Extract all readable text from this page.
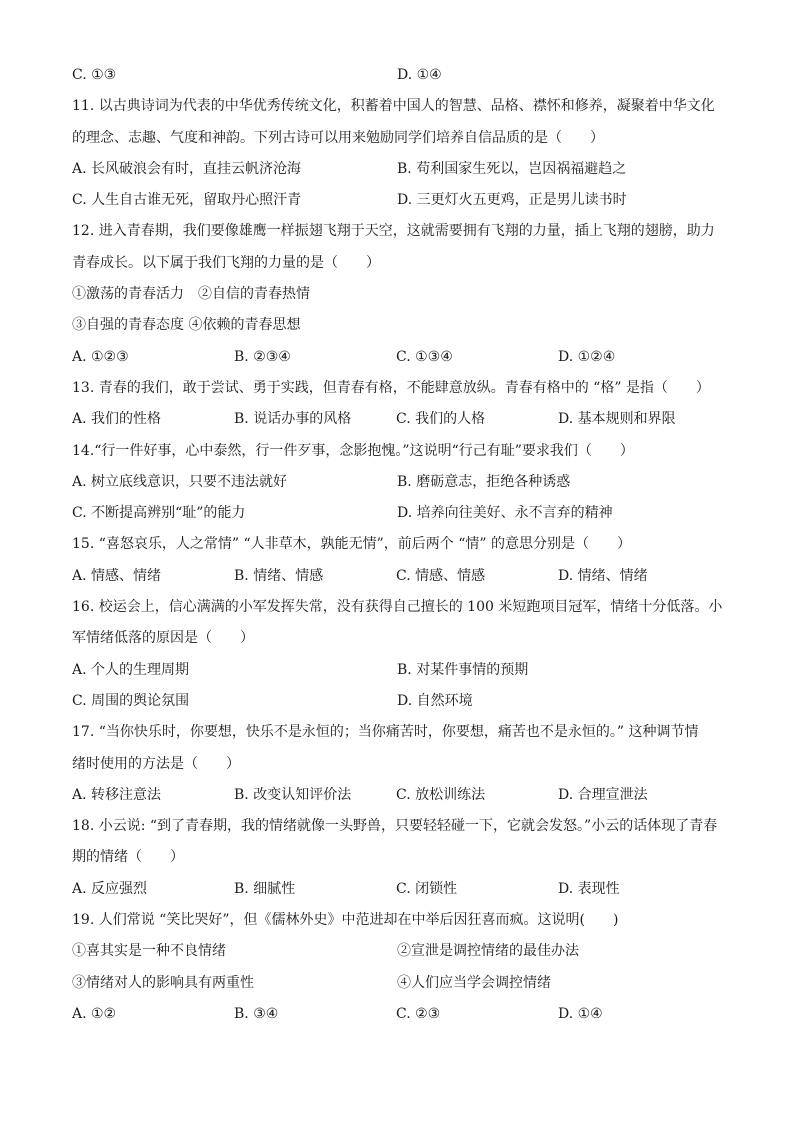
C. ①③	D. ①④
11. 以古典诗词为代表的中华优秀传统文化，积蓄着中国人的智慧、品格、襟怀和修养，凝聚着中华文化
的理念、志趣、气度和神韵。下列古诗可以用来勉励同学们培养自信品质的是（　　）
A. 长风破浪会有时，直挂云帆济沧海	B. 苟利国家生死以，岂因祸福避趋之
C. 人生自古谁无死，留取丹心照汗青	D. 三更灯火五更鸡，正是男儿读书时
12. 进入青春期，我们要像雄鹰一样振翅飞翔于天空，这就需要拥有飞翔的力量，插上飞翔的翅膀，助力
青春成长。以下属于我们飞翔的力量的是（　　）
①激荡的青春活力　②自信的青春热情
③自强的青春态度 ④依赖的青春思想
A. ①②③	B. ②③④	C. ①③④	D. ①②④
13. 青春的我们，敢于尝试、勇于实践，但青春有格，不能肆意放纵。青春有格中的 “格” 是指（　　）
A. 我们的性格	B. 说话办事的风格	C. 我们的人格	D. 基本规则和界限
14.“行一件好事，心中泰然，行一件歹事，念影抱愧。”这说明“行己有耻”要求我们（　　）
A. 树立底线意识，只要不违法就好	B. 磨砺意志，拒绝各种诱惑
C. 不断提高辨别“耻”的能力	D. 培养向往美好、永不言弃的精神
15. “喜怒哀乐，人之常情” “人非草木，孰能无情”，前后两个 “情” 的意思分别是（　　）
A. 情感、情绪	B. 情绪、情感	C. 情感、情感	D. 情绪、情绪
16. 校运会上，信心满满的小军发挥失常，没有获得自己擅长的 100 米短跑项目冠军，情绪十分低落。小
军情绪低落的原因是（　　）
A. 个人的生理周期	B. 对某件事情的预期
C. 周围的舆论氛围	D. 自然环境
17. “当你快乐时，你要想，快乐不是永恒的；当你痛苦时，你要想，痛苦也不是永恒的。” 这种调节情
绪时使用的方法是（　　）
A. 转移注意法	B. 改变认知评价法	C. 放松训练法	D. 合理宣泄法
18. 小云说: “到了青春期，我的情绪就像一头野兽，只要轻轻碰一下，它就会发怒。”小云的话体现了青春
期的情绪（　　）
A. 反应强烈	B. 细腻性	C. 闭锁性	D. 表现性
19. 人们常说 “笑比哭好”，但《儒林外史》中范进却在中举后因狂喜而疯。这说明(　　)
①喜其实是一种不良情绪	②宣泄是调控情绪的最佳办法
③情绪对人的影响具有两重性	④人们应当学会调控情绪
A. ①②	B. ③④	C. ②③	D. ①④
